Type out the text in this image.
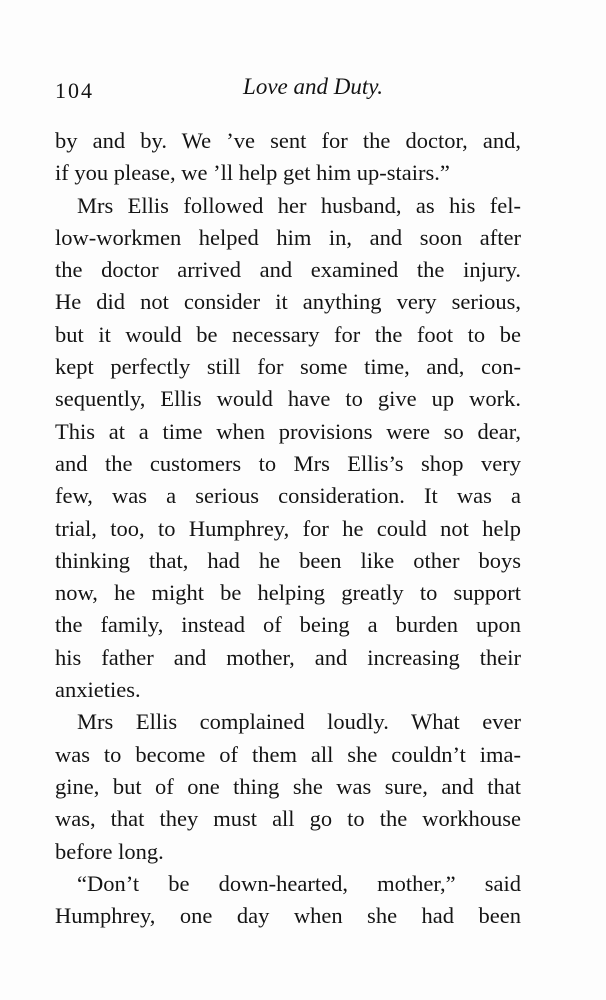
104	Love and Duty.
by and by. We ’ve sent for the doctor, and,
if you please, we ’ll help get him up-stairs.”
Mrs Ellis followed her husband, as his fel-
low-workmen helped him in, and soon after
the doctor arrived and examined the injury.
He did not consider it anything very serious,
but it would be necessary for the foot to be
kept perfectly still for some time, and, con-
sequently, Ellis would have to give up work.
This at a time when provisions were so dear,
and the customers to Mrs Ellis’s shop very
few, was a serious consideration. It was a
trial, too, to Humphrey, for he could not help
thinking that, had he been like other boys
now, he might be helping greatly to support
the family, instead of being a burden upon
his father and mother, and increasing their
anxieties.
Mrs Ellis complained loudly. What ever
was to become of them all she couldn’t ima-
gine, but of one thing she was sure, and that
was, that they must all go to the workhouse
before long.
“Don’t be down-hearted, mother,” said
Humphrey, one day when she had been
